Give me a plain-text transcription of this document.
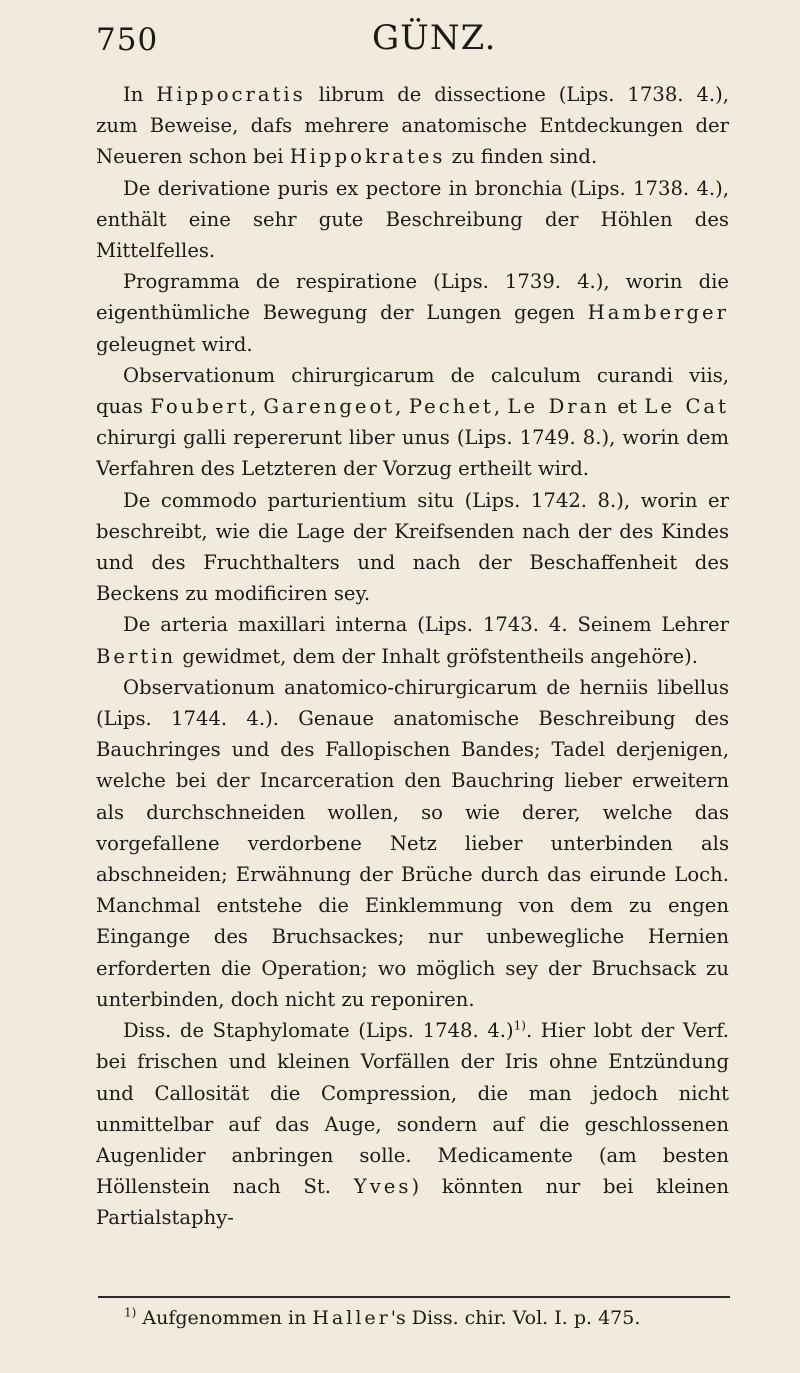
750	GÜNZ.

In Hippocratis librum de dissectione (Lips. 1738. 4.), zum Beweise, dafs mehrere anatomische Entdeckungen der Neueren schon bei Hippokrates zu finden sind.

De derivatione puris ex pectore in bronchia (Lips. 1738. 4.), enthält eine sehr gute Beschreibung der Höhlen des Mittelfelles.

Programma de respiratione (Lips. 1739. 4.), worin die eigenthümliche Bewegung der Lungen gegen Hamberger geleugnet wird.

Observationum chirurgicarum de calculum curandi viis, quas Foubert, Garengeot, Pechet, Le Dran et Le Cat chirurgi galli repererunt liber unus (Lips. 1749. 8.), worin dem Verfahren des Letzteren der Vorzug ertheilt wird.

De commodo parturientium situ (Lips. 1742. 8.), worin er beschreibt, wie die Lage der Kreifsenden nach der des Kindes und des Fruchthalters und nach der Beschaffenheit des Beckens zu modificiren sey.

De arteria maxillari interna (Lips. 1743. 4. Seinem Lehrer Bertin gewidmet, dem der Inhalt gröfstentheils angehöre).

Observationum anatomico-chirurgicarum de herniis libellus (Lips. 1744. 4.). Genaue anatomische Beschreibung des Bauchringes und des Fallopischen Bandes; Tadel derjenigen, welche bei der Incarceration den Bauchring lieber erweitern als durchschneiden wollen, so wie derer, welche das vorgefallene verdorbene Netz lieber unterbinden als abschneiden; Erwähnung der Brüche durch das eirunde Loch. Manchmal entstehe die Einklemmung von dem zu engen Eingange des Bruchsackes; nur unbewegliche Hernien erforderten die Operation; wo möglich sey der Bruchsack zu unterbinden, doch nicht zu reponiren.

Diss. de Staphylomate (Lips. 1748. 4.)$^{1)}$. Hier lobt der Verf. bei frischen und kleinen Vorfällen der Iris ohne Entzündung und Callosität die Compression, die man jedoch nicht unmittelbar auf das Auge, sondern auf die geschlossenen Augenlider anbringen solle. Medicamente (am besten Höllenstein nach St. Yves) könnten nur bei kleinen Partialstaphy-

$^{1)}$ Aufgenommen in Haller's Diss. chir. Vol. I. p. 475.
